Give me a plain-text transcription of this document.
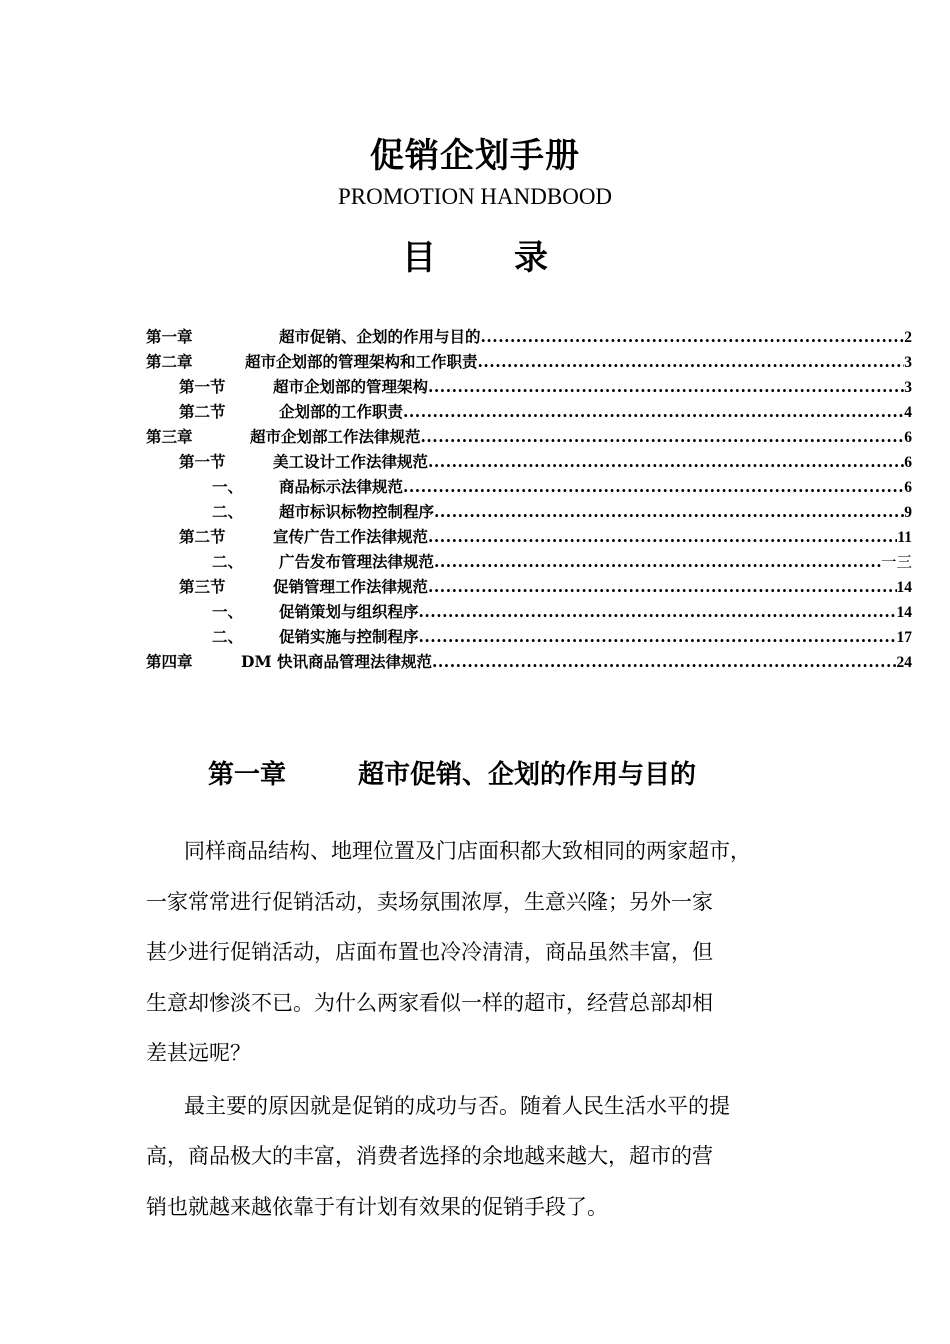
促销企划手册
PROMOTION HANDBOOD
目 录
第一章	超市促销、企划的作用与目的 .....	2
第二章	超市企划部的管理架构和工作职责 .....	3
第一节	超市企划部的管理架构 .....	3
第二节	企划部的工作职责 .....	4
第三章	超市企划部工作法律规范 .....	6
第一节	美工设计工作法律规范 .....	6
一、 商品标示法律规范 .....	6
二、 超市标识标物控制程序 .....	9
第二节	宣传广告工作法律规范 .....	11
二、 广告发布管理法律规范 .....	一三
第三节	促销管理工作法律规范 .....	14
一、 促销策划与组织程序 .....	14
二、 促销实施与控制程序 .....	17
第四章	DM 快讯商品管理法律规范 .....	24
第一章	超市促销、企划的作用与目的

同样商品结构、地理位置及门店面积都大致相同的两家超市，
一家常常进行促销活动，卖场氛围浓厚，生意兴隆；另外一家
甚少进行促销活动，店面布置也冷冷清清，商品虽然丰富，但
生意却惨淡不已。为什么两家看似一样的超市，经营总部却相
差甚远呢？

最主要的原因就是促销的成功与否。随着人民生活水平的提
高，商品极大的丰富，消费者选择的余地越来越大，超市的营
销也就越来越依靠于有计划有效果的促销手段了。
